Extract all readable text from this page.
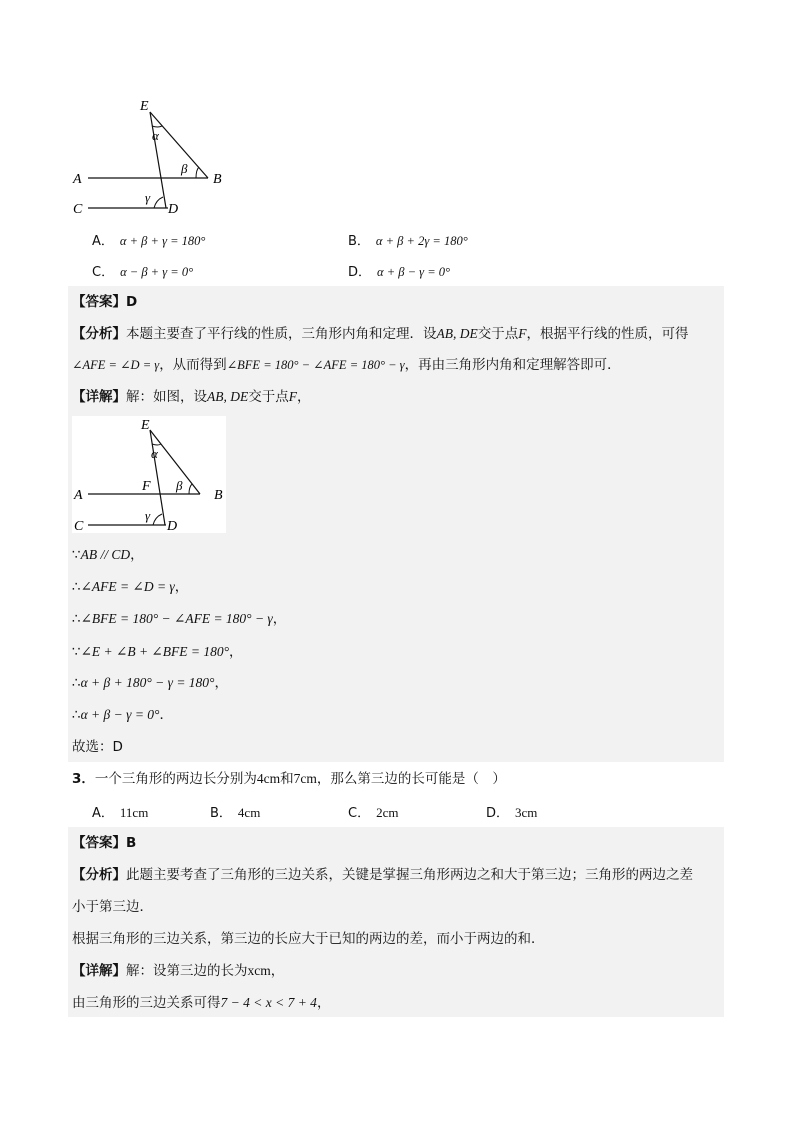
E
α
β
A	B
C
γ
D
A． α + β + γ = 180°	B． α + β + 2γ = 180°
C． α − β + γ = 0°	D． α + β − γ = 0°
【答案】D
【分析】本题主要查了平行线的性质，三角形内角和定理．设AB, DE交于点F，根据平行线的性质，可得
∠AFE = ∠D = γ，从而得到∠BFE = 180° − ∠AFE = 180° − γ，再由三角形内角和定理解答即可．
【详解】解：如图，设AB, DE交于点F，
E
α
A
F β
B
C
γ
D
∵AB // CD，
∴∠AFE = ∠D = γ，
∴∠BFE = 180° − ∠AFE = 180° − γ，
∵∠E + ∠B + ∠BFE = 180°，
∴α + β + 180° − γ = 180°，
∴α + β − γ = 0°．
故选：D
3．一个三角形的两边长分别为4cm和7cm，那么第三边的长可能是（　）
A． 11cm	B． 4cm	C． 2cm	D． 3cm
【答案】B
【分析】此题主要考查了三角形的三边关系，关键是掌握三角形两边之和大于第三边；三角形的两边之差
小于第三边．
根据三角形的三边关系，第三边的长应大于已知的两边的差，而小于两边的和．
【详解】解：设第三边的长为xcm，
由三角形的三边关系可得7 − 4 < x < 7 + 4，
